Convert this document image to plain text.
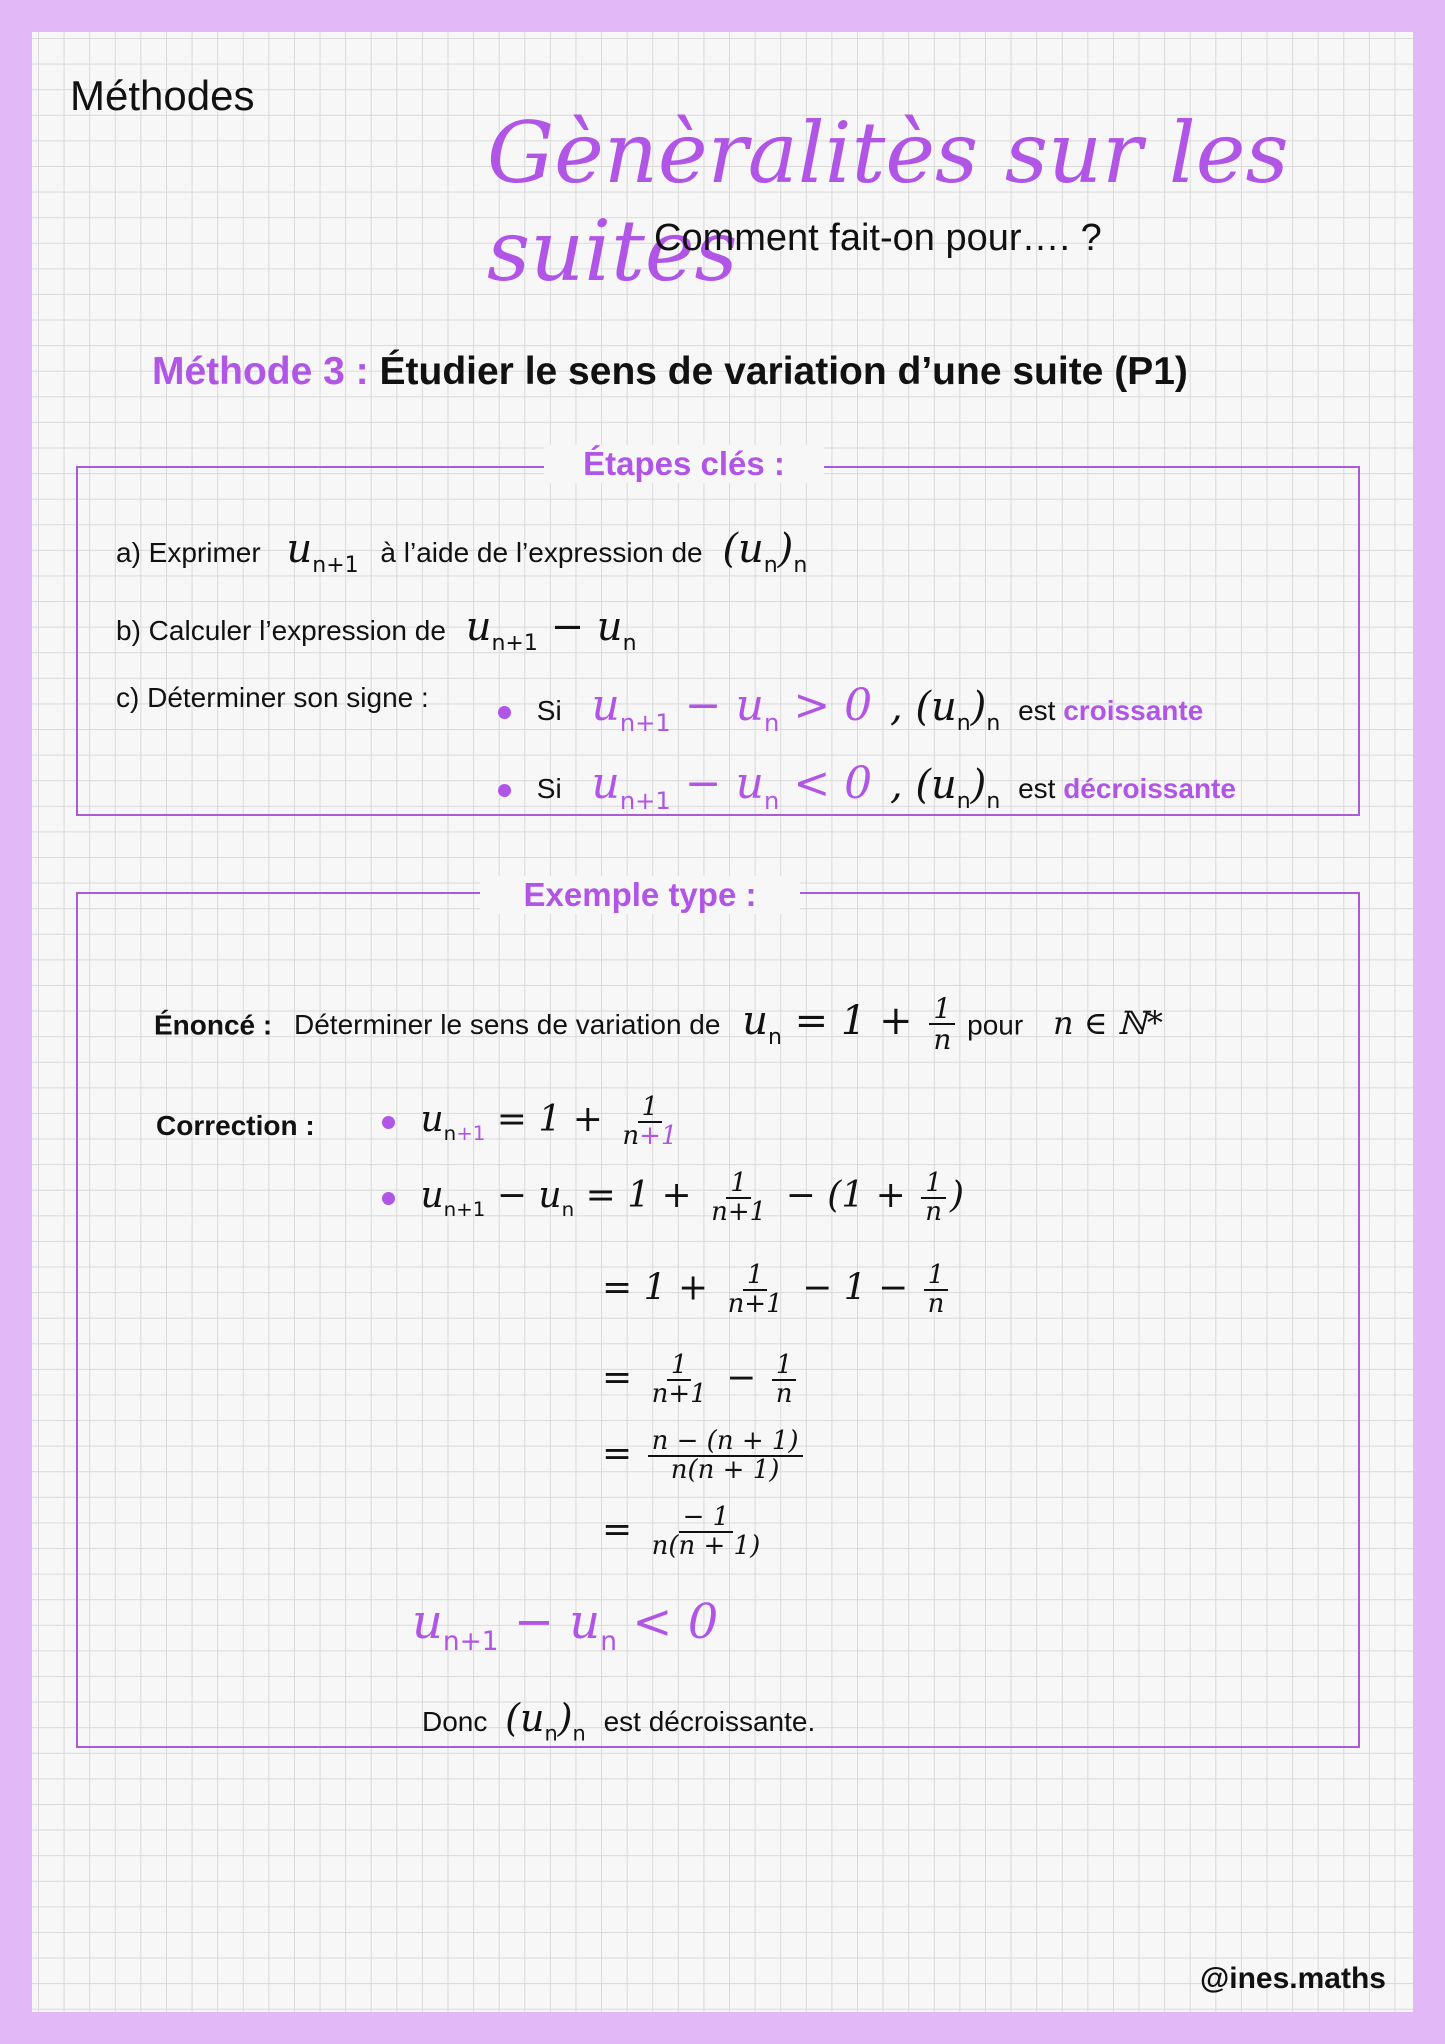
Méthodes
Gènèralitès sur les suites
Comment fait-on pour…. ?
Méthode 3 : Étudier le sens de variation d’une suite (P1)
Étapes clés :
a) Exprimer $u_{n+1}$ à l’aide de l’expression de $(u_n)_n$
b) Calculer l’expression de $u_{n+1} - u_n$
c) Déterminer son signe :	Si $u_{n+1} - u_n > 0$ , $(u_n)_n$ est croissante
Si $u_{n+1} - u_n < 0$ , $(u_n)_n$ est décroissante
Exemple type :
Énoncé : Déterminer le sens de variation de $u_n = 1 + \frac{1}{n}$ pour n ∈ ℕ*
Correction :	$u_{n+1} = 1 + \frac{1}{n+1}$
$u_{n+1} - u_n = 1 + \frac{1}{n+1} - (1 + \frac{1}{n}$ )
= $1 + \frac{1}{n+1} - 1 - \frac{1}{n}$
= $\frac{1}{n+1} - \frac{1}{n}$
= $\frac{n - (n + 1)}{n(n + 1)}$
= $\frac{- 1}{n(n + 1)}$
$u_{n+1} - u_n < 0$
Donc $(u_n)_n$ est décroissante.
@ines.maths
